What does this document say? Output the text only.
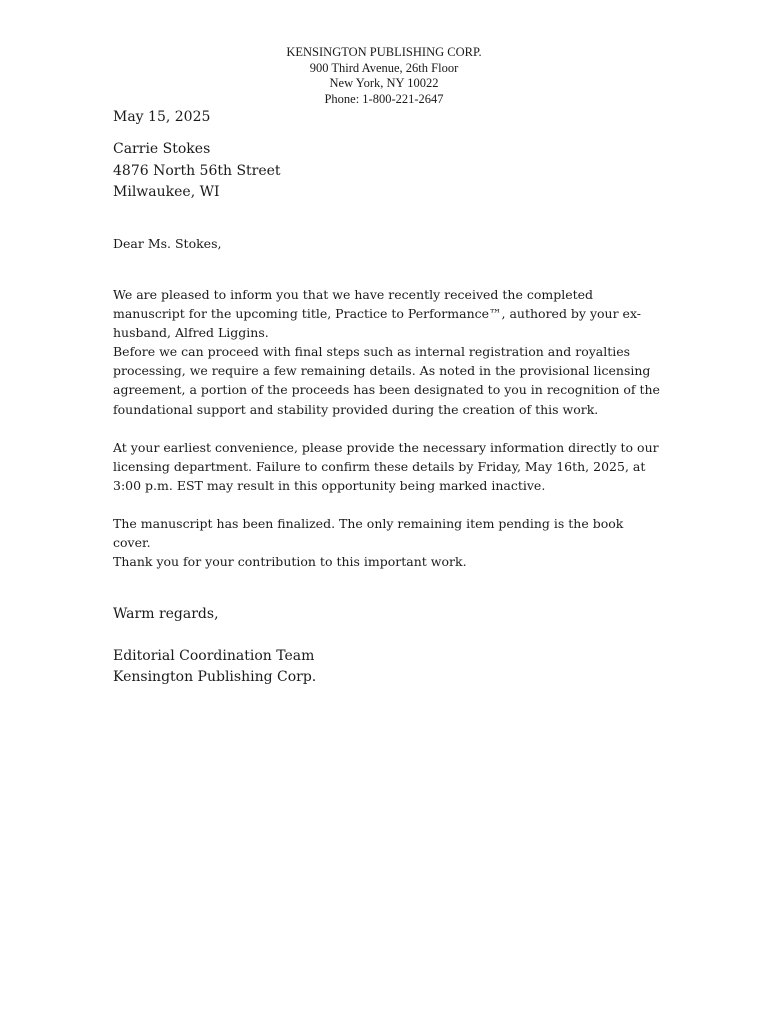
KENSINGTON PUBLISHING CORP.
900 Third Avenue, 26th Floor
New York, NY 10022
Phone: 1-800-221-2647
May 15, 2025
Carrie Stokes
4876 North 56th Street
Milwaukee, WI
Dear Ms. Stokes,
We are pleased to inform you that we have recently received the completed manuscript for the upcoming title, Practice to Performance™, authored by your ex-husband, Alfred Liggins.
Before we can proceed with final steps such as internal registration and royalties processing, we require a few remaining details. As noted in the provisional licensing agreement, a portion of the proceeds has been designated to you in recognition of the foundational support and stability provided during the creation of this work.
At your earliest convenience, please provide the necessary information directly to our licensing department. Failure to confirm these details by Friday, May 16th, 2025, at 3:00 p.m. EST may result in this opportunity being marked inactive.
The manuscript has been finalized. The only remaining item pending is the book cover.
Thank you for your contribution to this important work.
Warm regards,
Editorial Coordination Team
Kensington Publishing Corp.
